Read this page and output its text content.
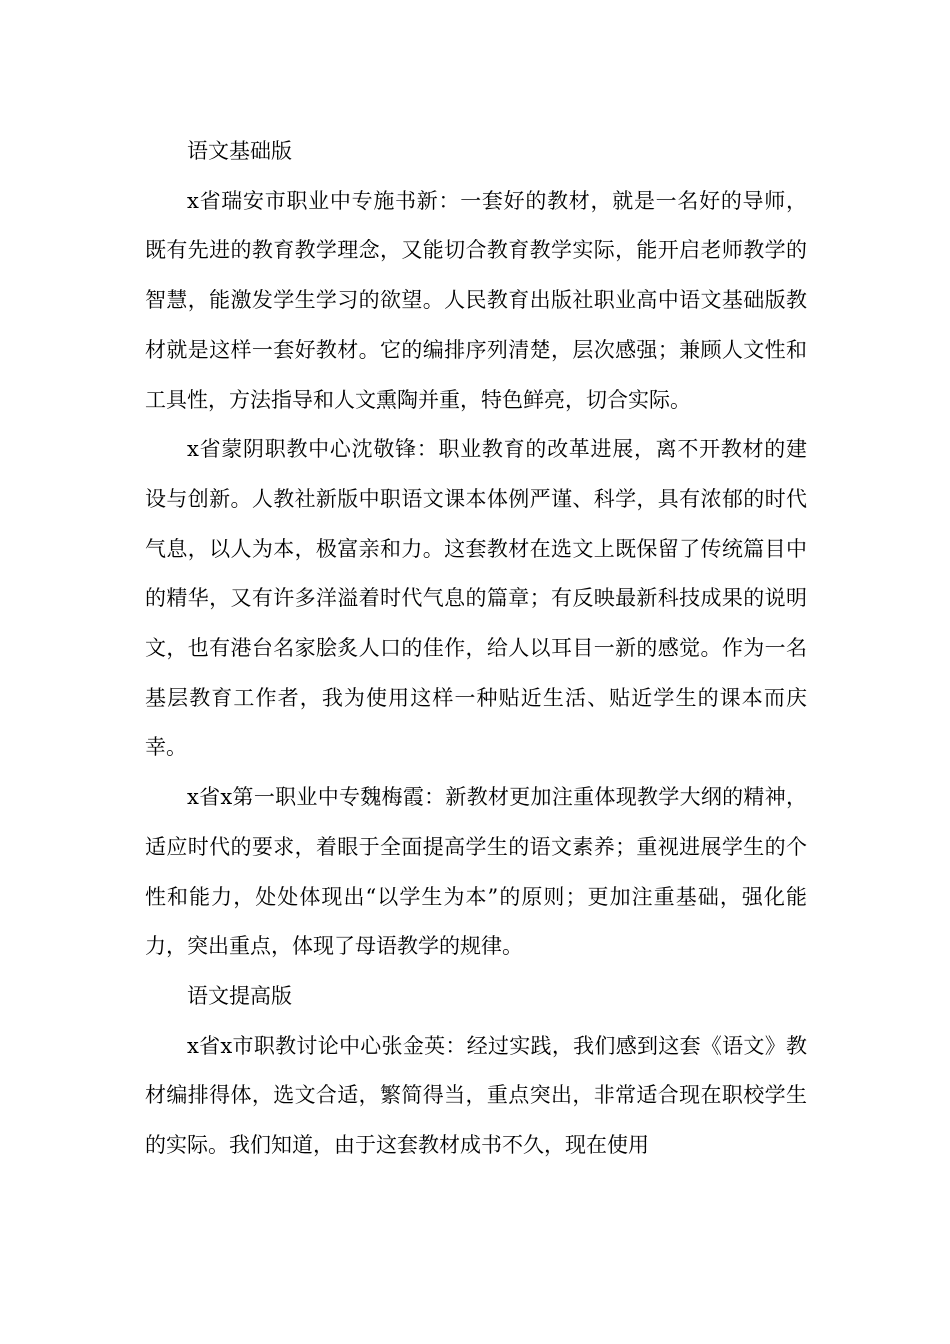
语文基础版

x省瑞安市职业中专施书新：一套好的教材，就是一名好的导师，既有先进的教育教学理念，又能切合教育教学实际，能开启老师教学的智慧，能激发学生学习的欲望。人民教育出版社职业高中语文基础版教材就是这样一套好教材。它的编排序列清楚，层次感强；兼顾人文性和工具性，方法指导和人文熏陶并重，特色鲜亮，切合实际。

x省蒙阴职教中心沈敬锋：职业教育的改革进展，离不开教材的建设与创新。人教社新版中职语文课本体例严谨、科学，具有浓郁的时代气息，以人为本，极富亲和力。这套教材在选文上既保留了传统篇目中的精华，又有许多洋溢着时代气息的篇章；有反映最新科技成果的说明文，也有港台名家脍炙人口的佳作，给人以耳目一新的感觉。作为一名基层教育工作者，我为使用这样一种贴近生活、贴近学生的课本而庆幸。

x省x第一职业中专魏梅霞：新教材更加注重体现教学大纲的精神，适应时代的要求，着眼于全面提高学生的语文素养；重视进展学生的个性和能力，处处体现出“以学生为本”的原则；更加注重基础，强化能力，突出重点，体现了母语教学的规律。

语文提高版

x省x市职教讨论中心张金英：经过实践，我们感到这套《语文》教材编排得体，选文合适，繁简得当，重点突出，非常适合现在职校学生的实际。我们知道，由于这套教材成书不久，现在使用
